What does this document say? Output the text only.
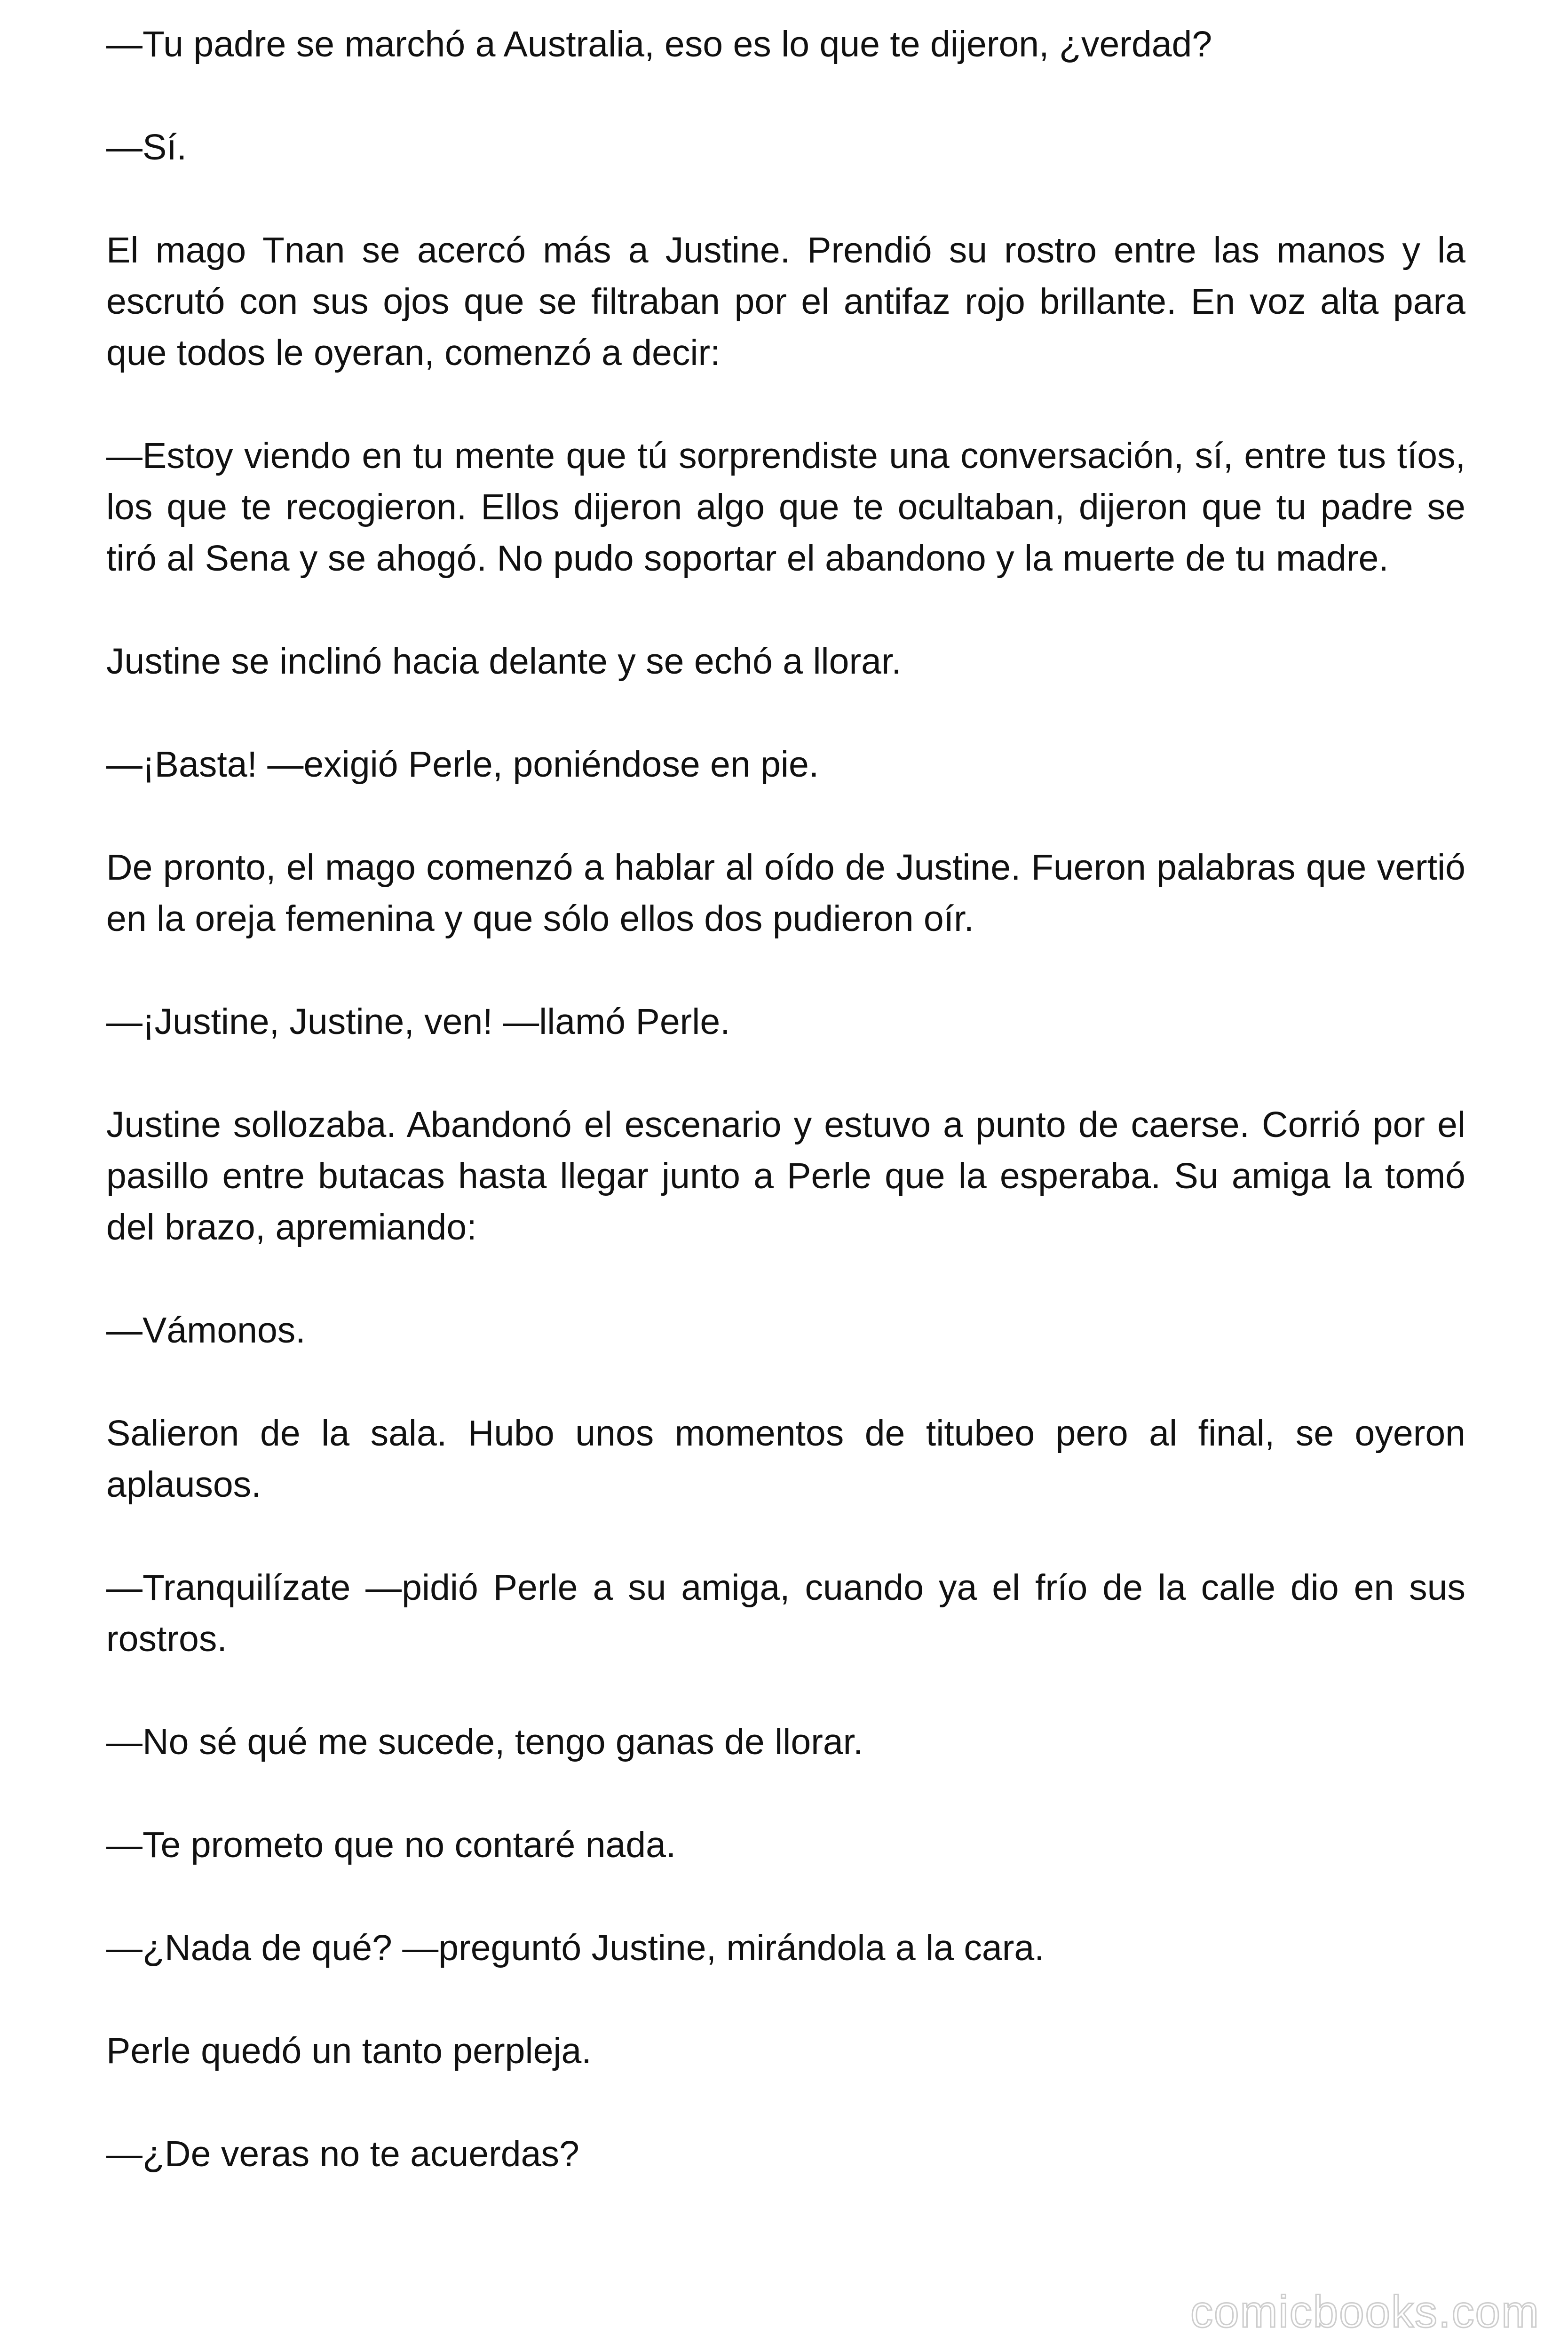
—Tu padre se marchó a Australia, eso es lo que te dijeron, ¿verdad?

—Sí.

El mago Tnan se acercó más a Justine. Prendió su rostro entre las manos y la escrutó con sus ojos que se filtraban por el antifaz rojo brillante. En voz alta para que todos le oyeran, comenzó a decir:

—Estoy viendo en tu mente que tú sorprendiste una conversación, sí, entre tus tíos, los que te recogieron. Ellos dijeron algo que te ocultaban, dijeron que tu padre se tiró al Sena y se ahogó. No pudo soportar el abandono y la muerte de tu madre.

Justine se inclinó hacia delante y se echó a llorar.

—¡Basta! —exigió Perle, poniéndose en pie.

De pronto, el mago comenzó a hablar al oído de Justine. Fueron palabras que vertió en la oreja femenina y que sólo ellos dos pudieron oír.

—¡Justine, Justine, ven! —llamó Perle.

Justine sollozaba. Abandonó el escenario y estuvo a punto de caerse. Corrió por el pasillo entre butacas hasta llegar junto a Perle que la esperaba. Su amiga la tomó del brazo, apremiando:

—Vámonos.

Salieron de la sala. Hubo unos momentos de titubeo pero al final, se oyeron aplausos.

—Tranquilízate —pidió Perle a su amiga, cuando ya el frío de la calle dio en sus rostros.

—No sé qué me sucede, tengo ganas de llorar.

—Te prometo que no contaré nada.

—¿Nada de qué? —preguntó Justine, mirándola a la cara.

Perle quedó un tanto perpleja.

—¿De veras no te acuerdas?

comicbooks.com
